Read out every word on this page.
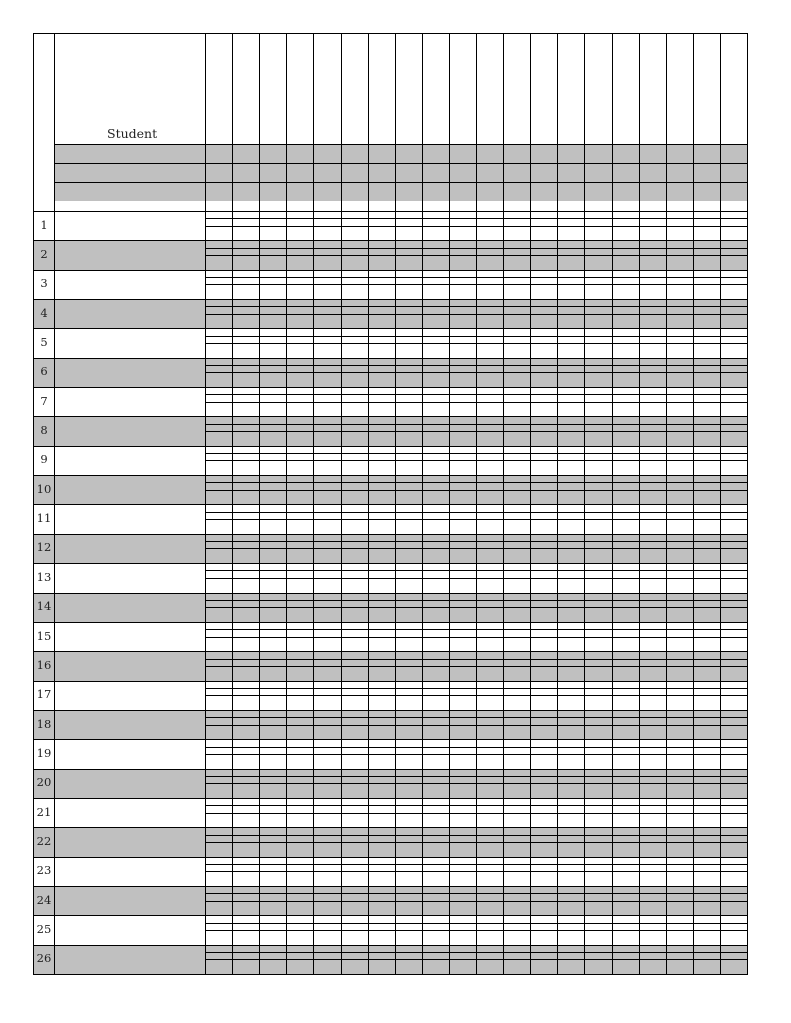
Student
1
2
3
4
5
6
7
8
9
10
11
12
13
14
15
16
17
18
19
20
21
22
23
24
25
26
